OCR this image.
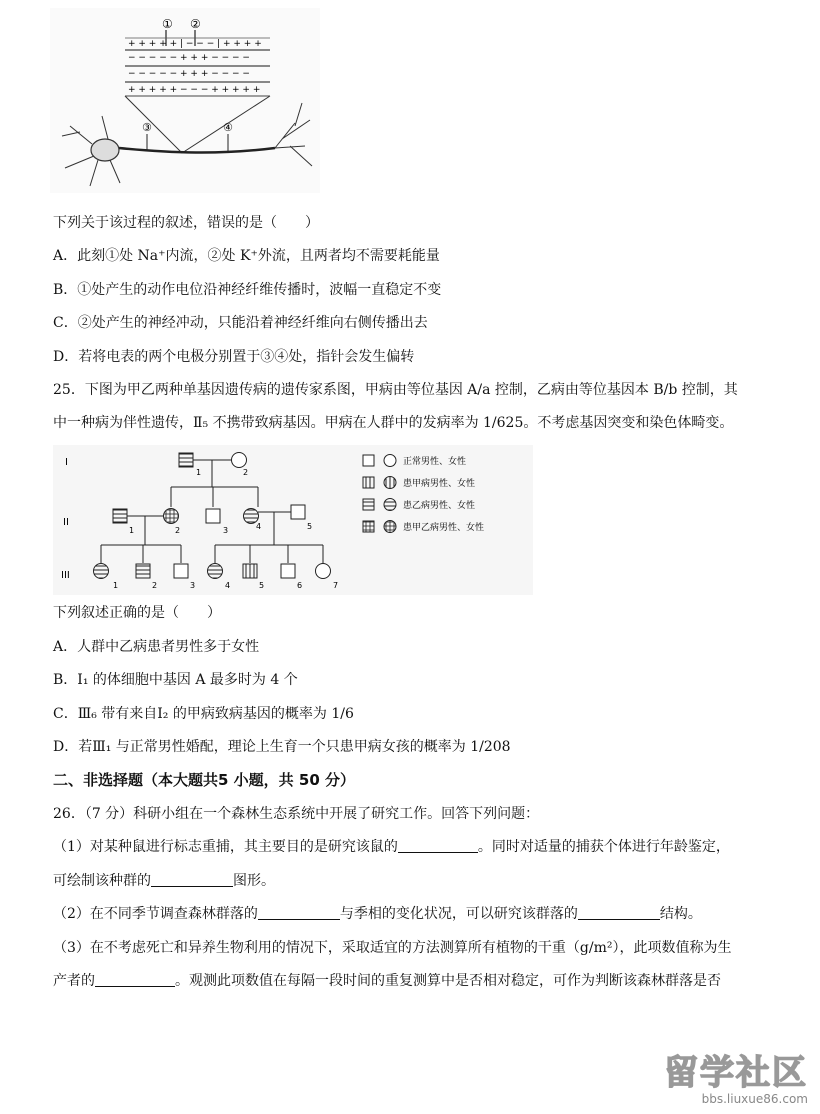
① ②
+ + + + + | − − − | + + + +
− − − − − + + + − − − −
− − − − − + + + − − − −
+ + + + + − − − + + + + +
③	④
下列关于该过程的叙述，错误的是（　　）
A．此刻①处 Na⁺内流，②处 K⁺外流，且两者均不需要耗能量
B．①处产生的动作电位沿神经纤维传播时，波幅一直稳定不变
C．②处产生的神经冲动，只能沿着神经纤维向右侧传播出去
D．若将电表的两个电极分别置于③④处，指针会发生偏转
25．下图为甲乙两种单基因遗传病的遗传家系图，甲病由等位基因 A/a 控制，乙病由等位基因本 B/b 控制，其
中一种病为伴性遗传，Ⅱ₅ 不携带致病基因。甲病在人群中的发病率为 1/625。不考虑基因突变和染色体畸变。
I
II
III
1	2
1	2	3	4	5
1	2	3	4	5	6	7
正常男性、女性
患甲病男性、女性
患乙病男性、女性
患甲乙病男性、女性
下列叙述正确的是（　　）
A．人群中乙病患者男性多于女性
B．Ⅰ₁ 的体细胞中基因 A 最多时为 4 个
C．Ⅲ₆ 带有来自Ⅰ₂ 的甲病致病基因的概率为 1/6
D．若Ⅲ₁ 与正常男性婚配，理论上生育一个只患甲病女孩的概率为 1/208
二、非选择题（本大题共5 小题，共 50 分）
26．（7 分）科研小组在一个森林生态系统中开展了研究工作。回答下列问题：
（1）对某种鼠进行标志重捕，其主要目的是研究该鼠的	。同时对适量的捕获个体进行年龄鉴定，
可绘制该种群的	图形。
（2）在不同季节调查森林群落的	与季相的变化状况，可以研究该群落的	结构。
（3）在不考虑死亡和异养生物利用的情况下，采取适宜的方法测算所有植物的干重（g/m²），此项数值称为生
产者的	。观测此项数值在每隔一段时间的重复测算中是否相对稳定，可作为判断该森林群落是否
留学社区
bbs.liuxue86.com
